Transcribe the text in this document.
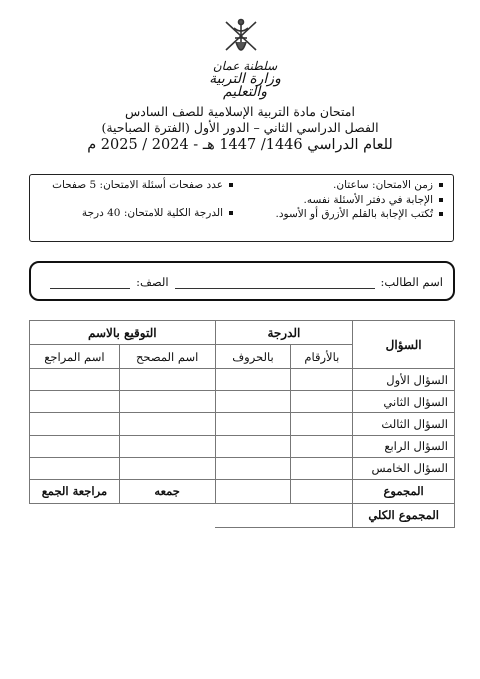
سلطنة عمان
وزارة التربية والتعليم
امتحان مادة التربية الإسلامية للصف السادس
الفصل الدراسي الثاني – الدور الأول (الفترة الصباحية)
للعام الدراسي 1446/ 1447 هـ - 2024 / 2025 م
زمن الامتحان: ساعتان.
الإجابة في دفتر الأسئلة نفسه.
تُكتب الإجابة بالقلم الأزرق أو الأسود.
عدد صفحات أسئلة الامتحان: 5 صفحات
الدرجة الكلية للامتحان: 40 درجة
اسم الطالب:
الصف:
السؤال	الدرجة		التوقيع بالاسم	
	بالأرقام	بالحروف	اسم المصحح	اسم المراجع
السؤال الأول				
السؤال الثاني				
السؤال الثالث				
السؤال الرابع				
السؤال الخامس				
المجموع			جمعه	مراجعة الجمع
المجموع الكلي				
